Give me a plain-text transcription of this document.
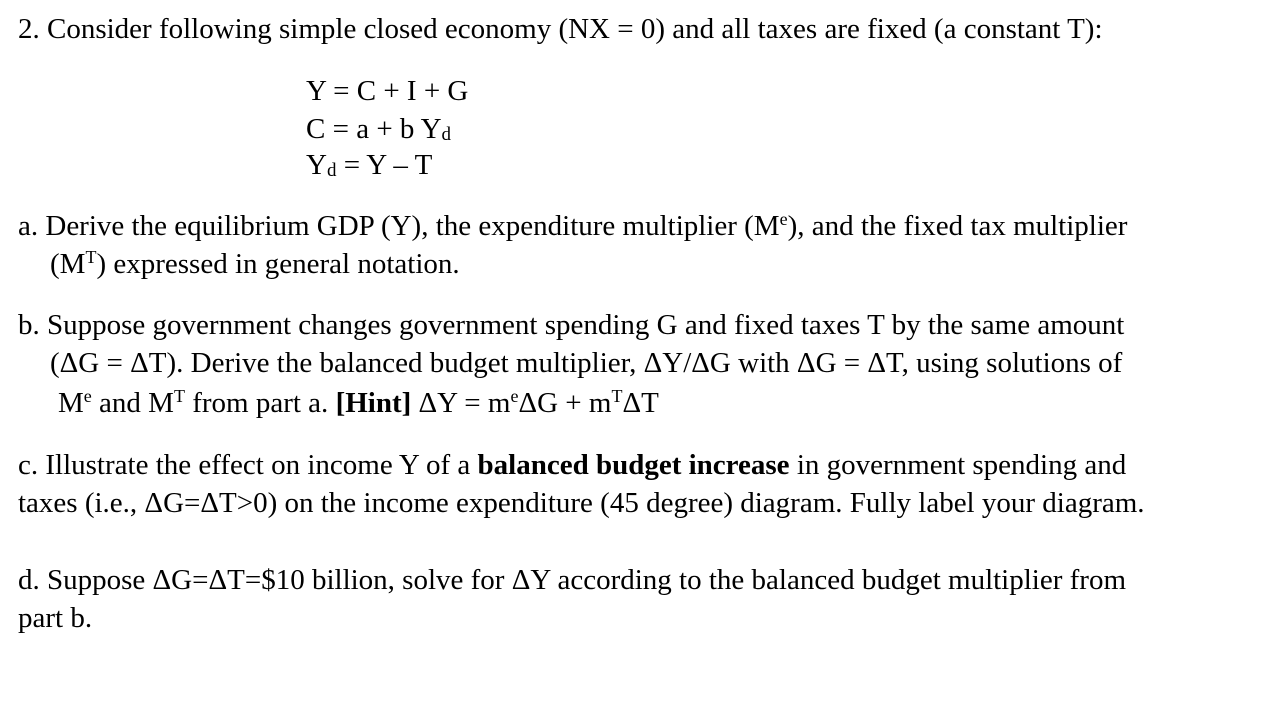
2. Consider following simple closed economy (NX = 0) and all taxes are fixed (a constant T):
Y = C + I + G
C = a + b Yd
Yd = Y – T
a. Derive the equilibrium GDP (Y), the expenditure multiplier (Me), and the fixed tax multiplier
$(M^T)$ expressed in general notation.
b. Suppose government changes government spending G and fixed taxes T by the same amount
(ΔG = ΔT). Derive the balanced budget multiplier, ΔY/ΔG with ΔG = ΔT, using solutions of
Me and $M^T$ from part a. [Hint] $\Delta Y = m^e\Delta G + m^T\Delta T$
c. Illustrate the effect on income Y of a balanced budget increase in government spending and
taxes (i.e., ΔG=ΔT>0) on the income expenditure (45 degree) diagram. Fully label your diagram.
d. Suppose ΔG=ΔT=$10 billion, solve for ΔY according to the balanced budget multiplier from
part b.
